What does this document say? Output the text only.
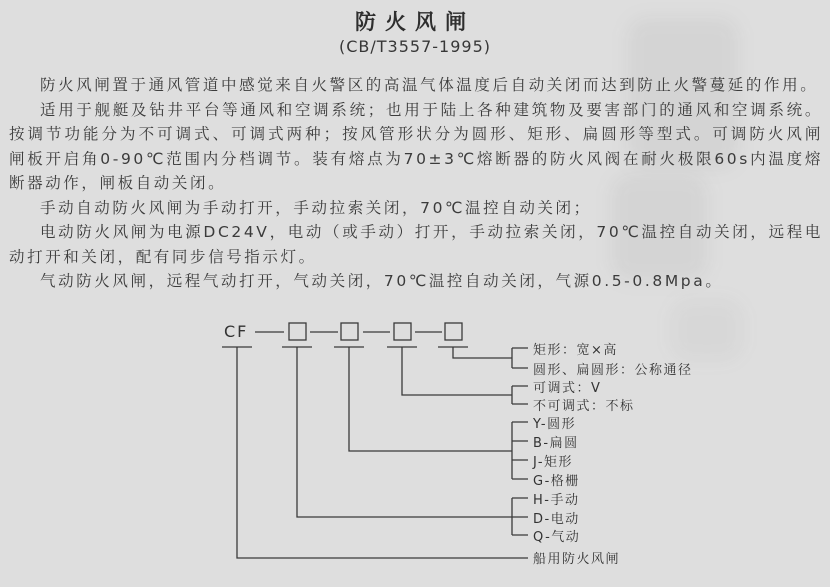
防火风闸
(CB/T3557-1995)

防火风闸置于通风管道中感觉来自火警区的高温气体温度后自动关闭而达到防止火警蔓延的作用。

适用于舰艇及钻井平台等通风和空调系统；也用于陆上各种建筑物及要害部门的通风和空调系统。按调节功能分为不可调式、可调式两种；按风管形状分为圆形、矩形、扁圆形等型式。可调防火风闸闸板开启角0-90℃范围内分档调节。装有熔点为70±3℃熔断器的防火风阀在耐火极限60s内温度熔断器动作，闸板自动关闭。

手动自动防火风闸为手动打开，手动拉索关闭，70℃温控自动关闭；

电动防火风闸为电源DC24V，电动（或手动）打开，手动拉索关闭，70℃温控自动关闭，远程电动打开和关闭，配有同步信号指示灯。

气动防火风闸，远程气动打开，气动关闭，70℃温控自动关闭，气源0.5-0.8Mpa。

CF
矩形：宽×高
圆形、扁圆形：公称通径
可调式：V
不可调式：不标
Y-圆形
B-扁圆
J-矩形
G-格栅
H-手动
D-电动
Q-气动
船用防火风闸
